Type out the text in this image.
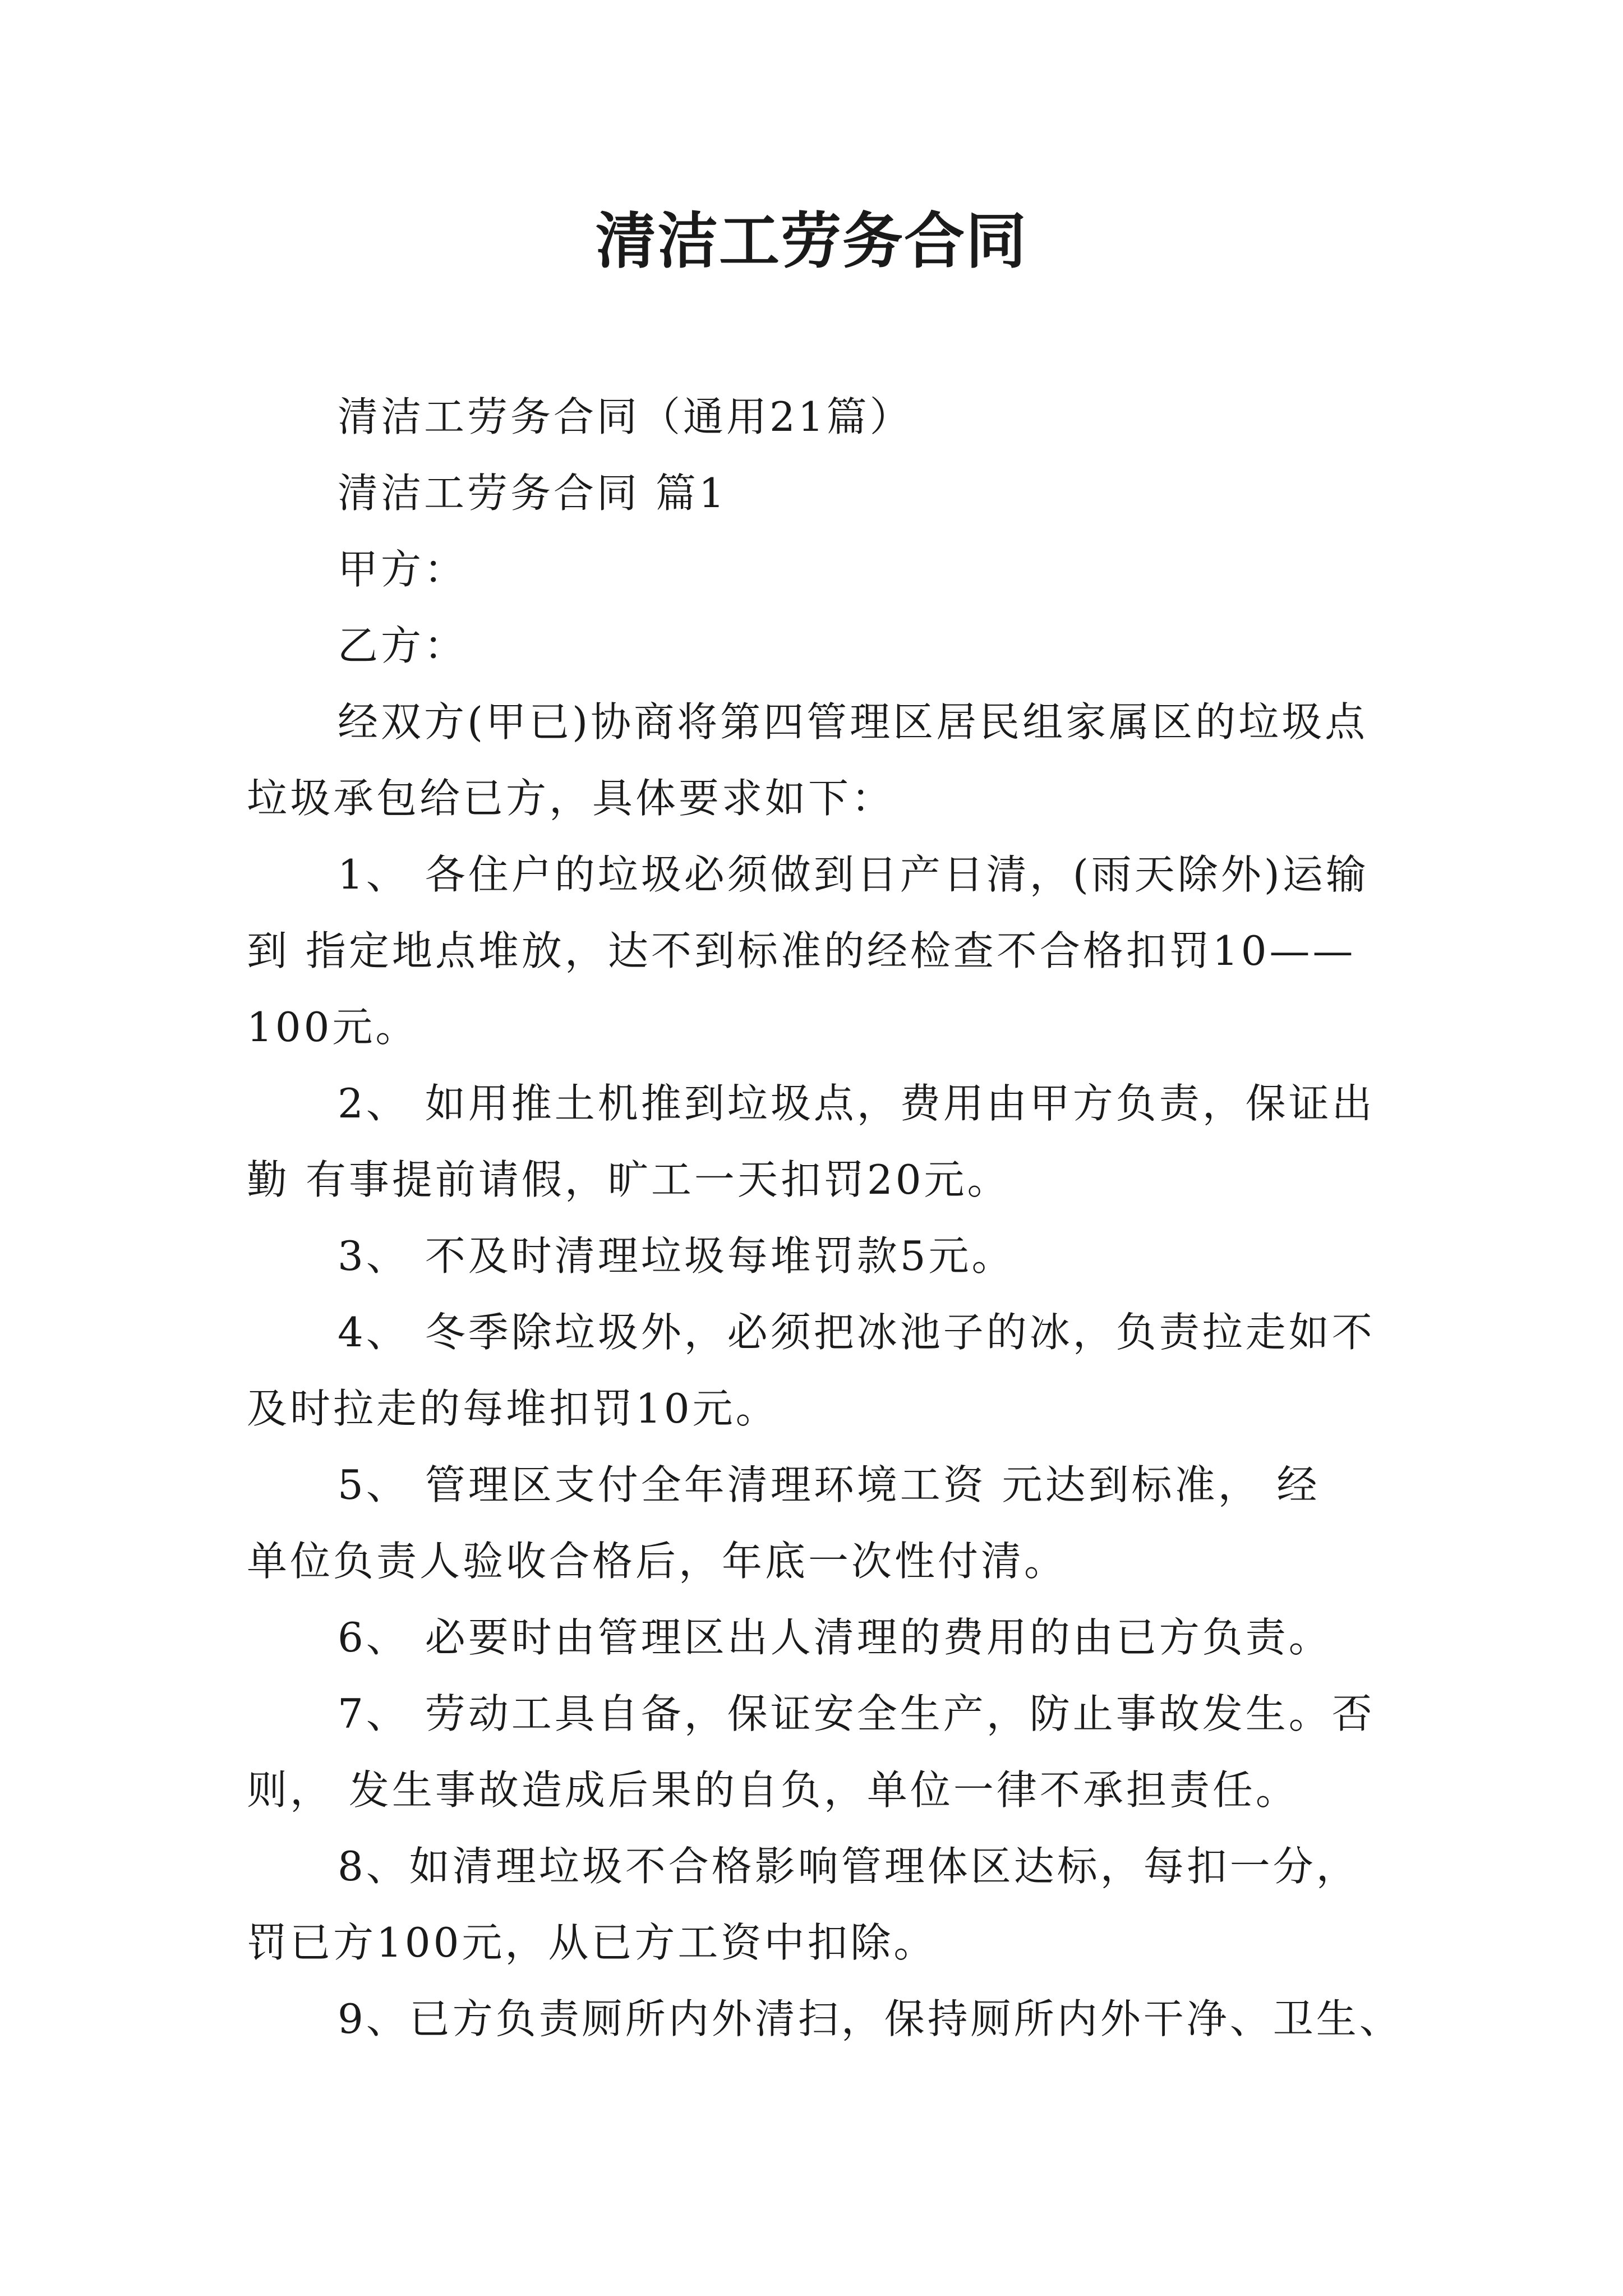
清洁工劳务合同
清洁工劳务合同（通用21篇）
清洁工劳务合同 篇1
甲方：
乙方：
经双方(甲已)协商将第四管理区居民组家属区的垃圾点
垃圾承包给已方，具体要求如下：
1、 各住户的垃圾必须做到日产日清，(雨天除外)运输
到 指定地点堆放，达不到标准的经检查不合格扣罚10——
100元。
2、 如用推土机推到垃圾点，费用由甲方负责，保证出
勤 有事提前请假，旷工一天扣罚20元。
3、 不及时清理垃圾每堆罚款5元。
4、 冬季除垃圾外，必须把冰池子的冰，负责拉走如不
及时拉走的每堆扣罚10元。
5、 管理区支付全年清理环境工资 元达到标准， 经
单位负责人验收合格后，年底一次性付清。
6、 必要时由管理区出人清理的费用的由已方负责。
7、 劳动工具自备，保证安全生产，防止事故发生。否
则， 发生事故造成后果的自负，单位一律不承担责任。
8、如清理垃圾不合格影响管理体区达标，每扣一分，
罚已方100元，从已方工资中扣除。
9、已方负责厕所内外清扫，保持厕所内外干净、卫生、
